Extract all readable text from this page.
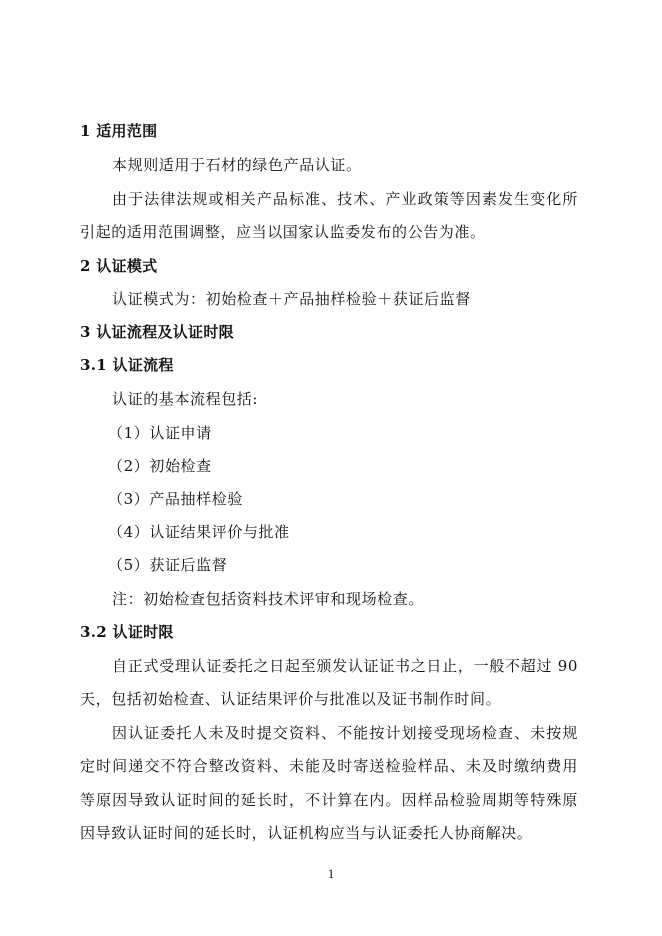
1 适用范围
本规则适用于石材的绿色产品认证。
由于法律法规或相关产品标准、技术、产业政策等因素发生变化所
引起的适用范围调整，应当以国家认监委发布的公告为准。
2 认证模式
认证模式为：初始检查＋产品抽样检验＋获证后监督
3 认证流程及认证时限
3.1 认证流程
认证的基本流程包括:
（1）认证申请
（2）初始检查
（3）产品抽样检验
（4）认证结果评价与批准
（5）获证后监督
注：初始检查包括资料技术评审和现场检查。
3.2 认证时限
自正式受理认证委托之日起至颁发认证证书之日止，一般不超过 90
天，包括初始检查、认证结果评价与批准以及证书制作时间。
因认证委托人未及时提交资料、不能按计划接受现场检查、未按规
定时间递交不符合整改资料、未能及时寄送检验样品、未及时缴纳费用
等原因导致认证时间的延长时，不计算在内。因样品检验周期等特殊原
因导致认证时间的延长时，认证机构应当与认证委托人协商解决。
1
